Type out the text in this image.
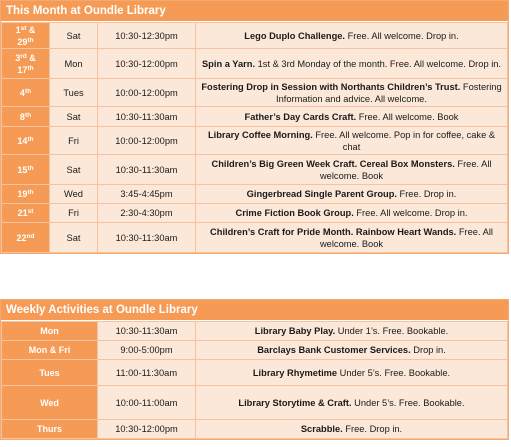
This Month at Oundle Library
1st &
29th	Sat	10:30-12:30pm	Lego Duplo Challenge. Free. All welcome. Drop in.
3rd &
17th	Mon	10:30-12:00pm	Spin a Yarn. 1st & 3rd Monday of the month. Free. All welcome. Drop in.
4th	Tues	10:00-12:00pm	Fostering Drop in Session with Northants Children’s Trust. Fostering Information and advice. All welcome.
8th	Sat	10:30-11:30am	Father’s Day Cards Craft. Free. All welcome. Book
14th	Fri	10:00-12:00pm	Library Coffee Morning. Free. All welcome. Pop in for coffee, cake & chat
15th	Sat	10:30-11:30am	Children’s Big Green Week Craft. Cereal Box Monsters. Free. All welcome. Book
19th	Wed	3:45-4:45pm	Gingerbread Single Parent Group. Free. Drop in.
21st	Fri	2:30-4:30pm	Crime Fiction Book Group. Free. All welcome. Drop in.
22nd	Sat	10:30-11:30am	Children’s Craft for Pride Month. Rainbow Heart Wands. Free. All welcome. Book
Weekly Activities at Oundle Library
Mon	10:30-11:30am	Library Baby Play. Under 1’s. Free. Bookable.
Mon & Fri	9:00-5:00pm	Barclays Bank Customer Services. Drop in.
Tues	11:00-11:30am	Library Rhymetime Under 5’s. Free. Bookable.
Wed	10:00-11:00am	Library Storytime & Craft. Under 5’s. Free. Bookable.
Thurs	10:30-12:00pm	Scrabble. Free. Drop in.
